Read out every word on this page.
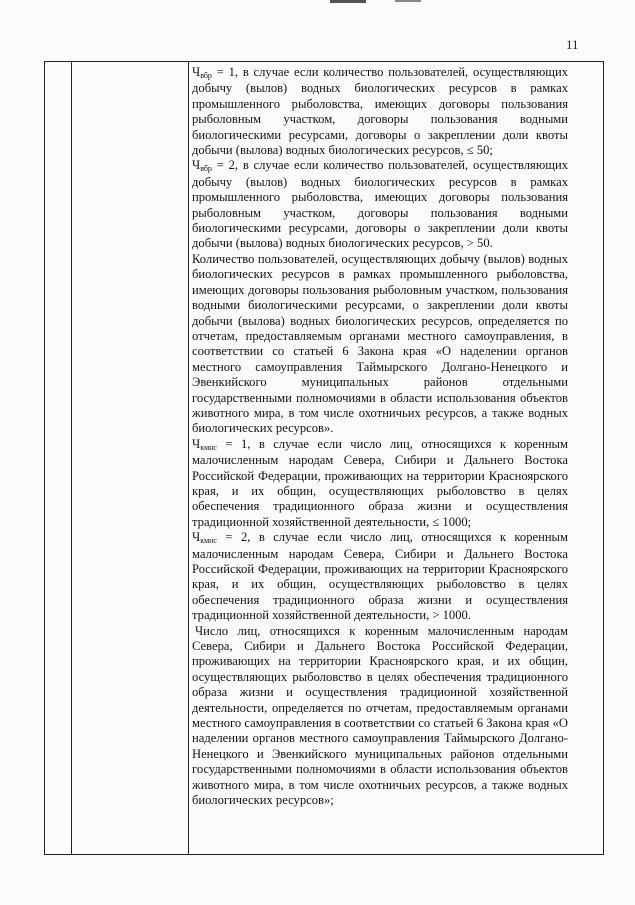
11

$Ч_{вбр} = 1$, в случае если количество пользователей, осуществляющих добычу (вылов) водных биологических ресурсов в рамках промышленного рыболовства, имеющих договоры пользования рыболовным участком, договоры пользования водными биологическими ресурсами, договоры о закреплении доли квоты добычи (вылова) водных биологических ресурсов, ≤ 50;

$Ч_{вбр} = 2$, в случае если количество пользователей, осуществляющих добычу (вылов) водных биологических ресурсов в рамках промышленного рыболовства, имеющих договоры пользования рыболовным участком, договоры пользования водными биологическими ресурсами, договоры о закреплении доли квоты добычи (вылова) водных биологических ресурсов, > 50.

Количество пользователей, осуществляющих добычу (вылов) водных биологических ресурсов в рамках промышленного рыболовства, имеющих договоры пользования рыболовным участком, пользования водными биологическими ресурсами, о закреплении доли квоты добычи (вылова) водных биологических ресурсов, определяется по отчетам, предоставляемым органами местного самоуправления, в соответствии со статьей 6 Закона края «О наделении органов местного самоуправления Таймырского Долгано-Ненецкого и Эвенкийского муниципальных районов отдельными государственными полномочиями в области использования объектов животного мира, в том числе охотничьих ресурсов, а также водных биологических ресурсов».

$Ч_{кмнс} = 1$, в случае если число лиц, относящихся к коренным малочисленным народам Севера, Сибири и Дальнего Востока Российской Федерации, проживающих на территории Красноярского края, и их общин, осуществляющих рыболовство в целях обеспечения традиционного образа жизни и осуществления традиционной хозяйственной деятельности, ≤ 1000;

$Ч_{кмнс} = 2$, в случае если число лиц, относящихся к коренным малочисленным народам Севера, Сибири и Дальнего Востока Российской Федерации, проживающих на территории Красноярского края, и их общин, осуществляющих рыболовство в целях обеспечения традиционного образа жизни и осуществления традиционной хозяйственной деятельности, > 1000.

Число лиц, относящихся к коренным малочисленным народам Севера, Сибири и Дальнего Востока Российской Федерации, проживающих на территории Красноярского края, и их общин, осуществляющих рыболовство в целях обеспечения традиционного образа жизни и осуществления традиционной хозяйственной деятельности, определяется по отчетам, предоставляемым органами местного самоуправления в соответствии со статьей 6 Закона края «О наделении органов местного самоуправления Таймырского Долгано-Ненецкого и Эвенкийского муниципальных районов отдельными государственными полномочиями в области использования объектов животного мира, в том числе охотничьих ресурсов, а также водных биологических ресурсов»;
